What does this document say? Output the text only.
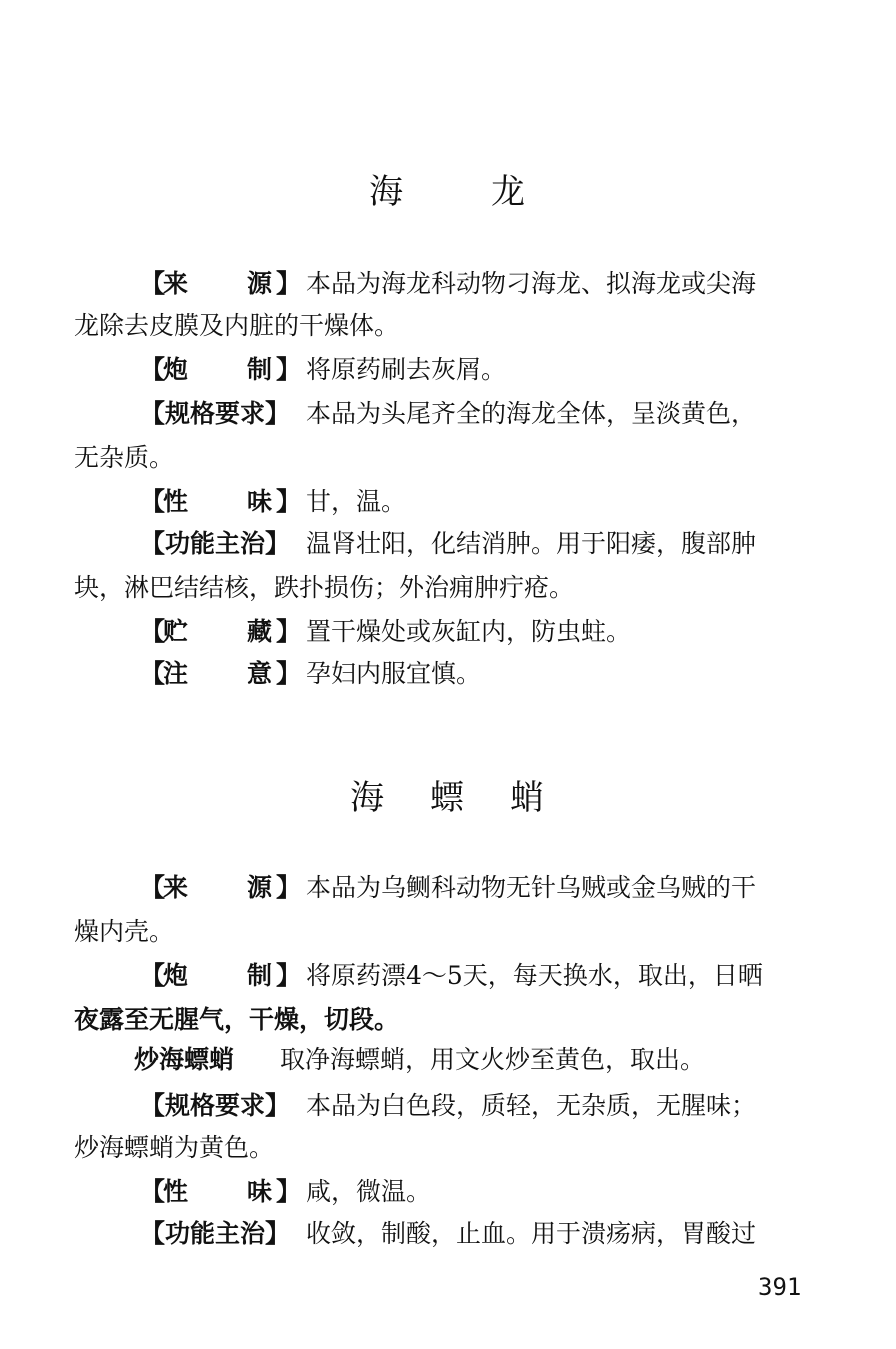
海	龙
【
来 源 】 本品为海龙科动物刁海龙、拟海龙或尖海
龙除去皮膜及内脏的干燥体。
【
炮 制 】 将原药刷去灰屑。
【规格要求】 本品为头尾齐全的海龙全体，呈淡黄色，
无杂质。
【
性 味 】 甘，温。
【功能主治】 温肾壮阳，化结消肿。用于阳痿，腹部肿
块，淋巴结结核，跌扑损伤；外治痈肿疔疮。
【
贮 藏 】 置干燥处或灰缸内，防虫蛀。
【
注 意 】 孕妇内服宜慎。
海 螵 蛸
【
来 源 】 本品为乌鲗科动物无针乌贼或金乌贼的干
燥内壳。
【
炮 制 】 将原药漂4～5天，每天换水，取出，日晒
夜露至无腥气，干燥，切段。
炒海螵蛸 取净海螵蛸，用文火炒至黄色，取出。
【规格要求】 本品为白色段，质轻，无杂质，无腥味；
炒海螵蛸为黄色。
【
性 味 】 咸，微温。
【功能主治】 收敛，制酸，止血。用于溃疡病，胃酸过
391
